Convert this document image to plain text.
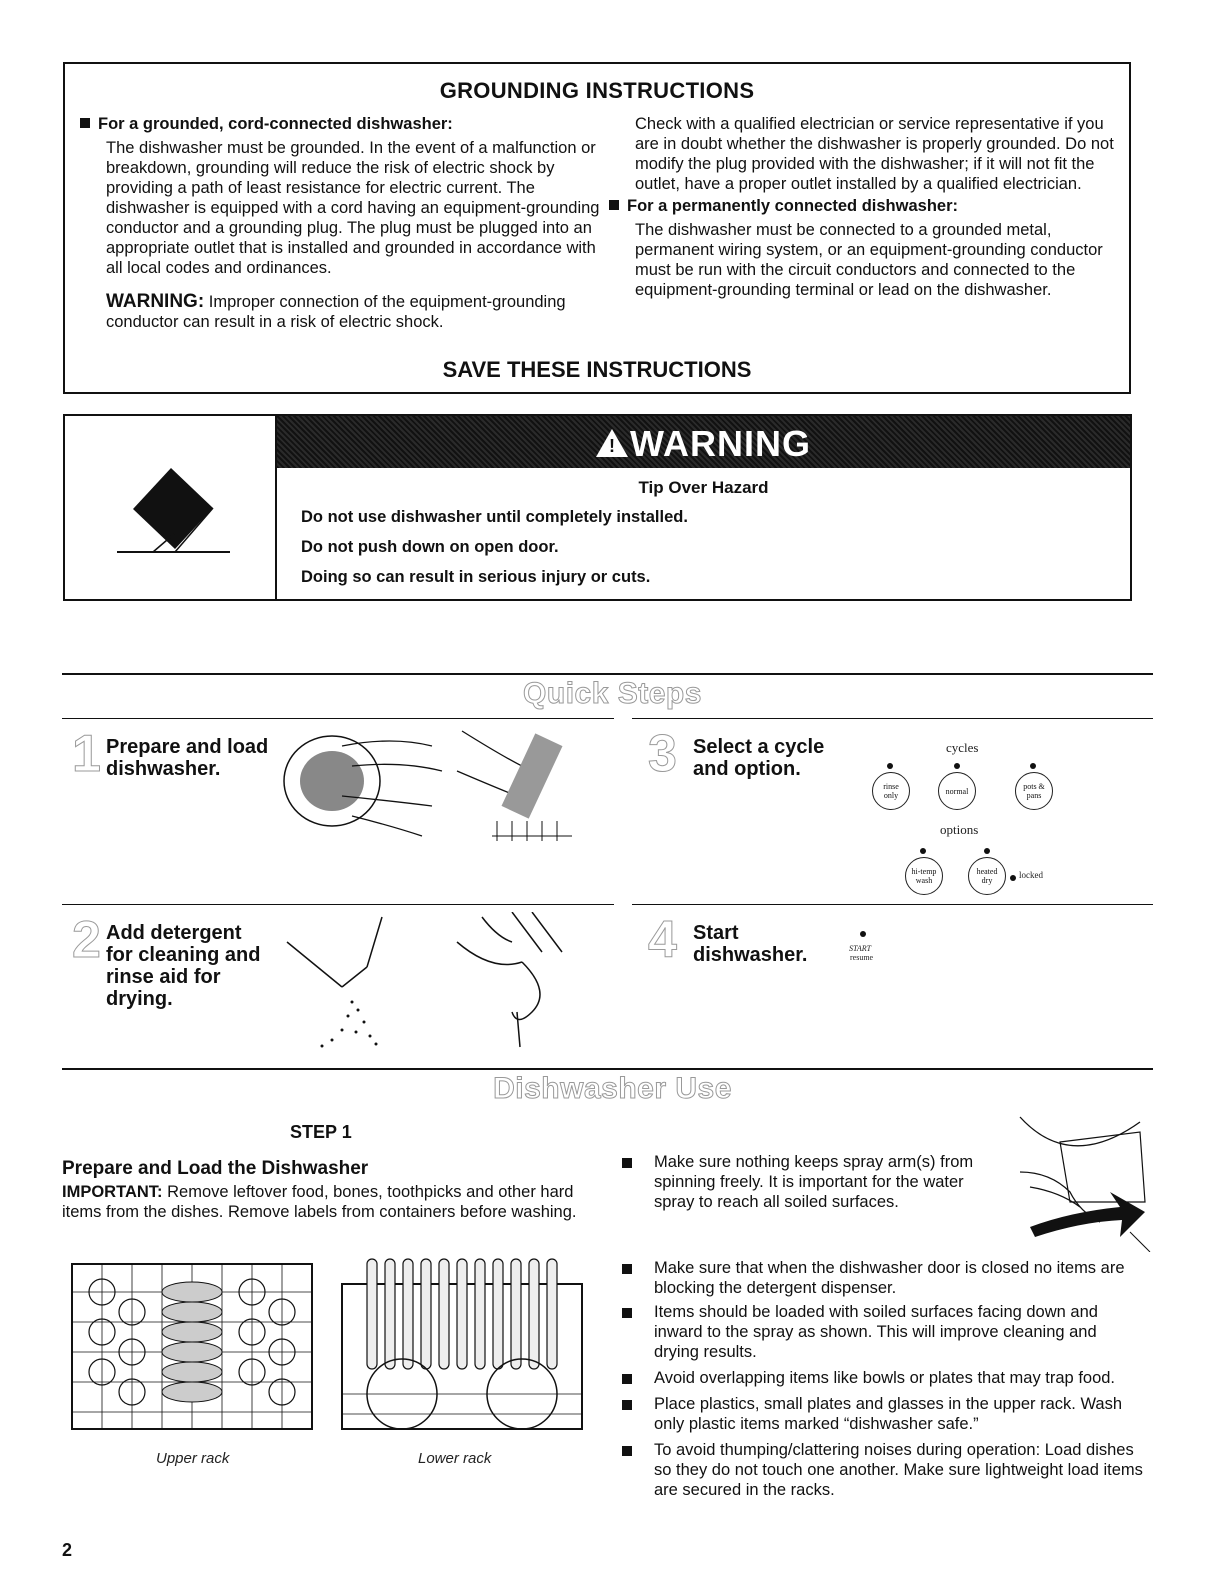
GROUNDING INSTRUCTIONS
For a grounded, cord-connected dishwasher:
The dishwasher must be grounded. In the event of a malfunction or breakdown, grounding will reduce the risk of electric shock by providing a path of least resistance for electric current. The dishwasher is equipped with a cord having an equipment-grounding conductor and a grounding plug. The plug must be plugged into an appropriate outlet that is installed and grounded in accordance with all local codes and ordinances.
WARNING: Improper connection of the equipment-grounding conductor can result in a risk of electric shock.
Check with a qualified electrician or service representative if you are in doubt whether the dishwasher is properly grounded. Do not modify the plug provided with the dishwasher; if it will not fit the outlet, have a proper outlet installed by a qualified electrician.
For a permanently connected dishwasher:
The dishwasher must be connected to a grounded metal, permanent wiring system, or an equipment-grounding conductor must be run with the circuit conductors and connected to the equipment-grounding terminal or lead on the dishwasher.
SAVE THESE INSTRUCTIONS
! WARNING
Tip Over Hazard
Do not use dishwasher until completely installed.
Do not push down on open door.
Doing so can result in serious injury or cuts.
Quick Steps
1 Prepare and load
dishwasher.	3 Select a cycle
and option.
cycles
rinse
only	normal	pots &
pans
options
hi-temp
wash
heated
dry
locked
2 Add detergent
for cleaning and
rinse aid for
drying.
4 Start
dishwasher.	START
resume
Dishwasher Use
STEP 1
Prepare and Load the Dishwasher
IMPORTANT: Remove leftover food, bones, toothpicks and other hard items from the dishes. Remove labels from containers before washing.
Upper rack	Lower rack
Make sure nothing keeps spray arm(s) from spinning freely. It is important for the water spray to reach all soiled surfaces.
Make sure that when the dishwasher door is closed no items are blocking the detergent dispenser.
Items should be loaded with soiled surfaces facing down and inward to the spray as shown. This will improve cleaning and drying results.
Avoid overlapping items like bowls or plates that may trap food.
Place plastics, small plates and glasses in the upper rack. Wash only plastic items marked “dishwasher safe.”
To avoid thumping/clattering noises during operation: Load dishes so they do not touch one another. Make sure lightweight load items are secured in the racks.
2
